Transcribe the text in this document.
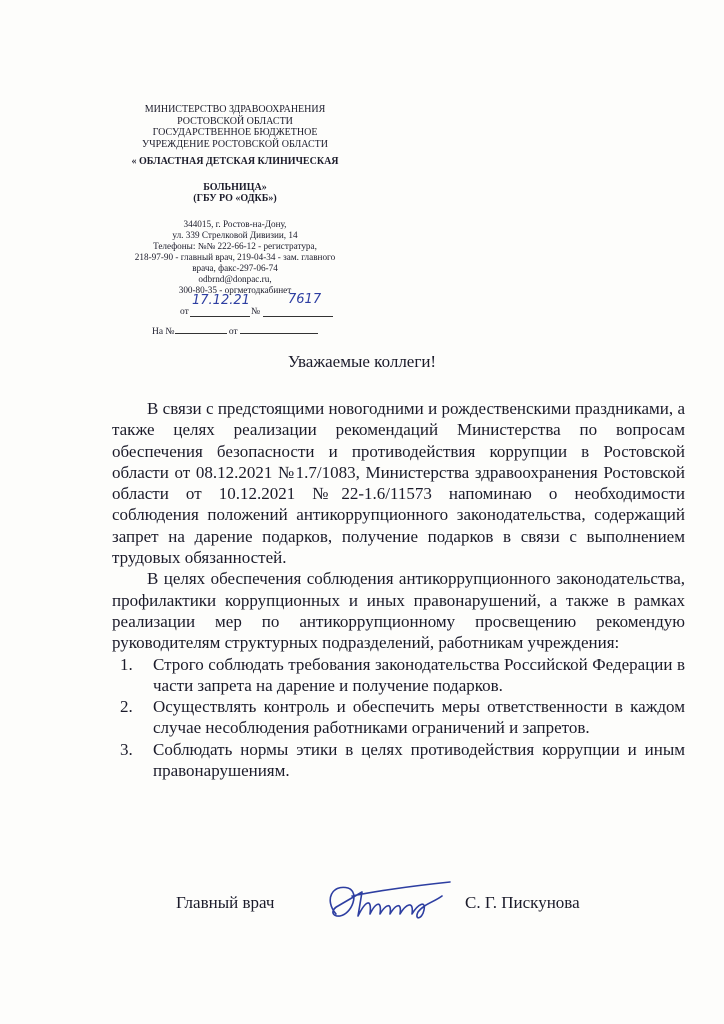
МИНИСТЕРСТВО ЗДРАВООХРАНЕНИЯ
РОСТОВСКОЙ ОБЛАСТИ
ГОСУДАРСТВЕННОЕ БЮДЖЕТНОЕ
УЧРЕЖДЕНИЕ РОСТОВСКОЙ ОБЛАСТИ
« ОБЛАСТНАЯ ДЕТСКАЯ КЛИНИЧЕСКАЯ
БОЛЬНИЦА»
(ГБУ РО «ОДКБ»)
344015, г. Ростов-на-Дону,
ул. 339 Стрелковой Дивизии, 14
Телефоны: №№ 222-66-12 - регистратура,
218-97-90 - главный врач, 219-04-34 - зам. главного
врача, факс-297-06-74
odbrnd@donpac.ru,
300-80-35 - оргметодкабинет
от
17.12.21
№
7617
На №	от
Уважаемые коллеги!

В связи с предстоящими новогодними и рождественскими праздниками, а также целях реализации рекомендаций Министерства по вопросам обеспечения безопасности и противодействия коррупции в Ростовской области от 08.12.2021 №1.7/1083, Министерства здравоохранения Ростовской области от 10.12.2021 №22-1.6/11573 напоминаю о необходимости соблюдения положений антикоррупционного законодательства, содержащий запрет на дарение подарков, получение подарков в связи с выполнением трудовых обязанностей.

В целях обеспечения соблюдения антикоррупционного законодательства, профилактики коррупционных и иных правонарушений, а также в рамках реализации мер по антикоррупционному просвещению рекомендую руководителям структурных подразделений, работникам учреждения:

1. Строго соблюдать требования законодательства Российской Федерации в части запрета на дарение и получение подарков.
2. Осуществлять контроль и обеспечить меры ответственности в каждом случае несоблюдения работниками ограничений и запретов.
3. Соблюдать нормы этики в целях противодействия коррупции и иным правонарушениям.
Главный врач	С. Г. Пискунова
